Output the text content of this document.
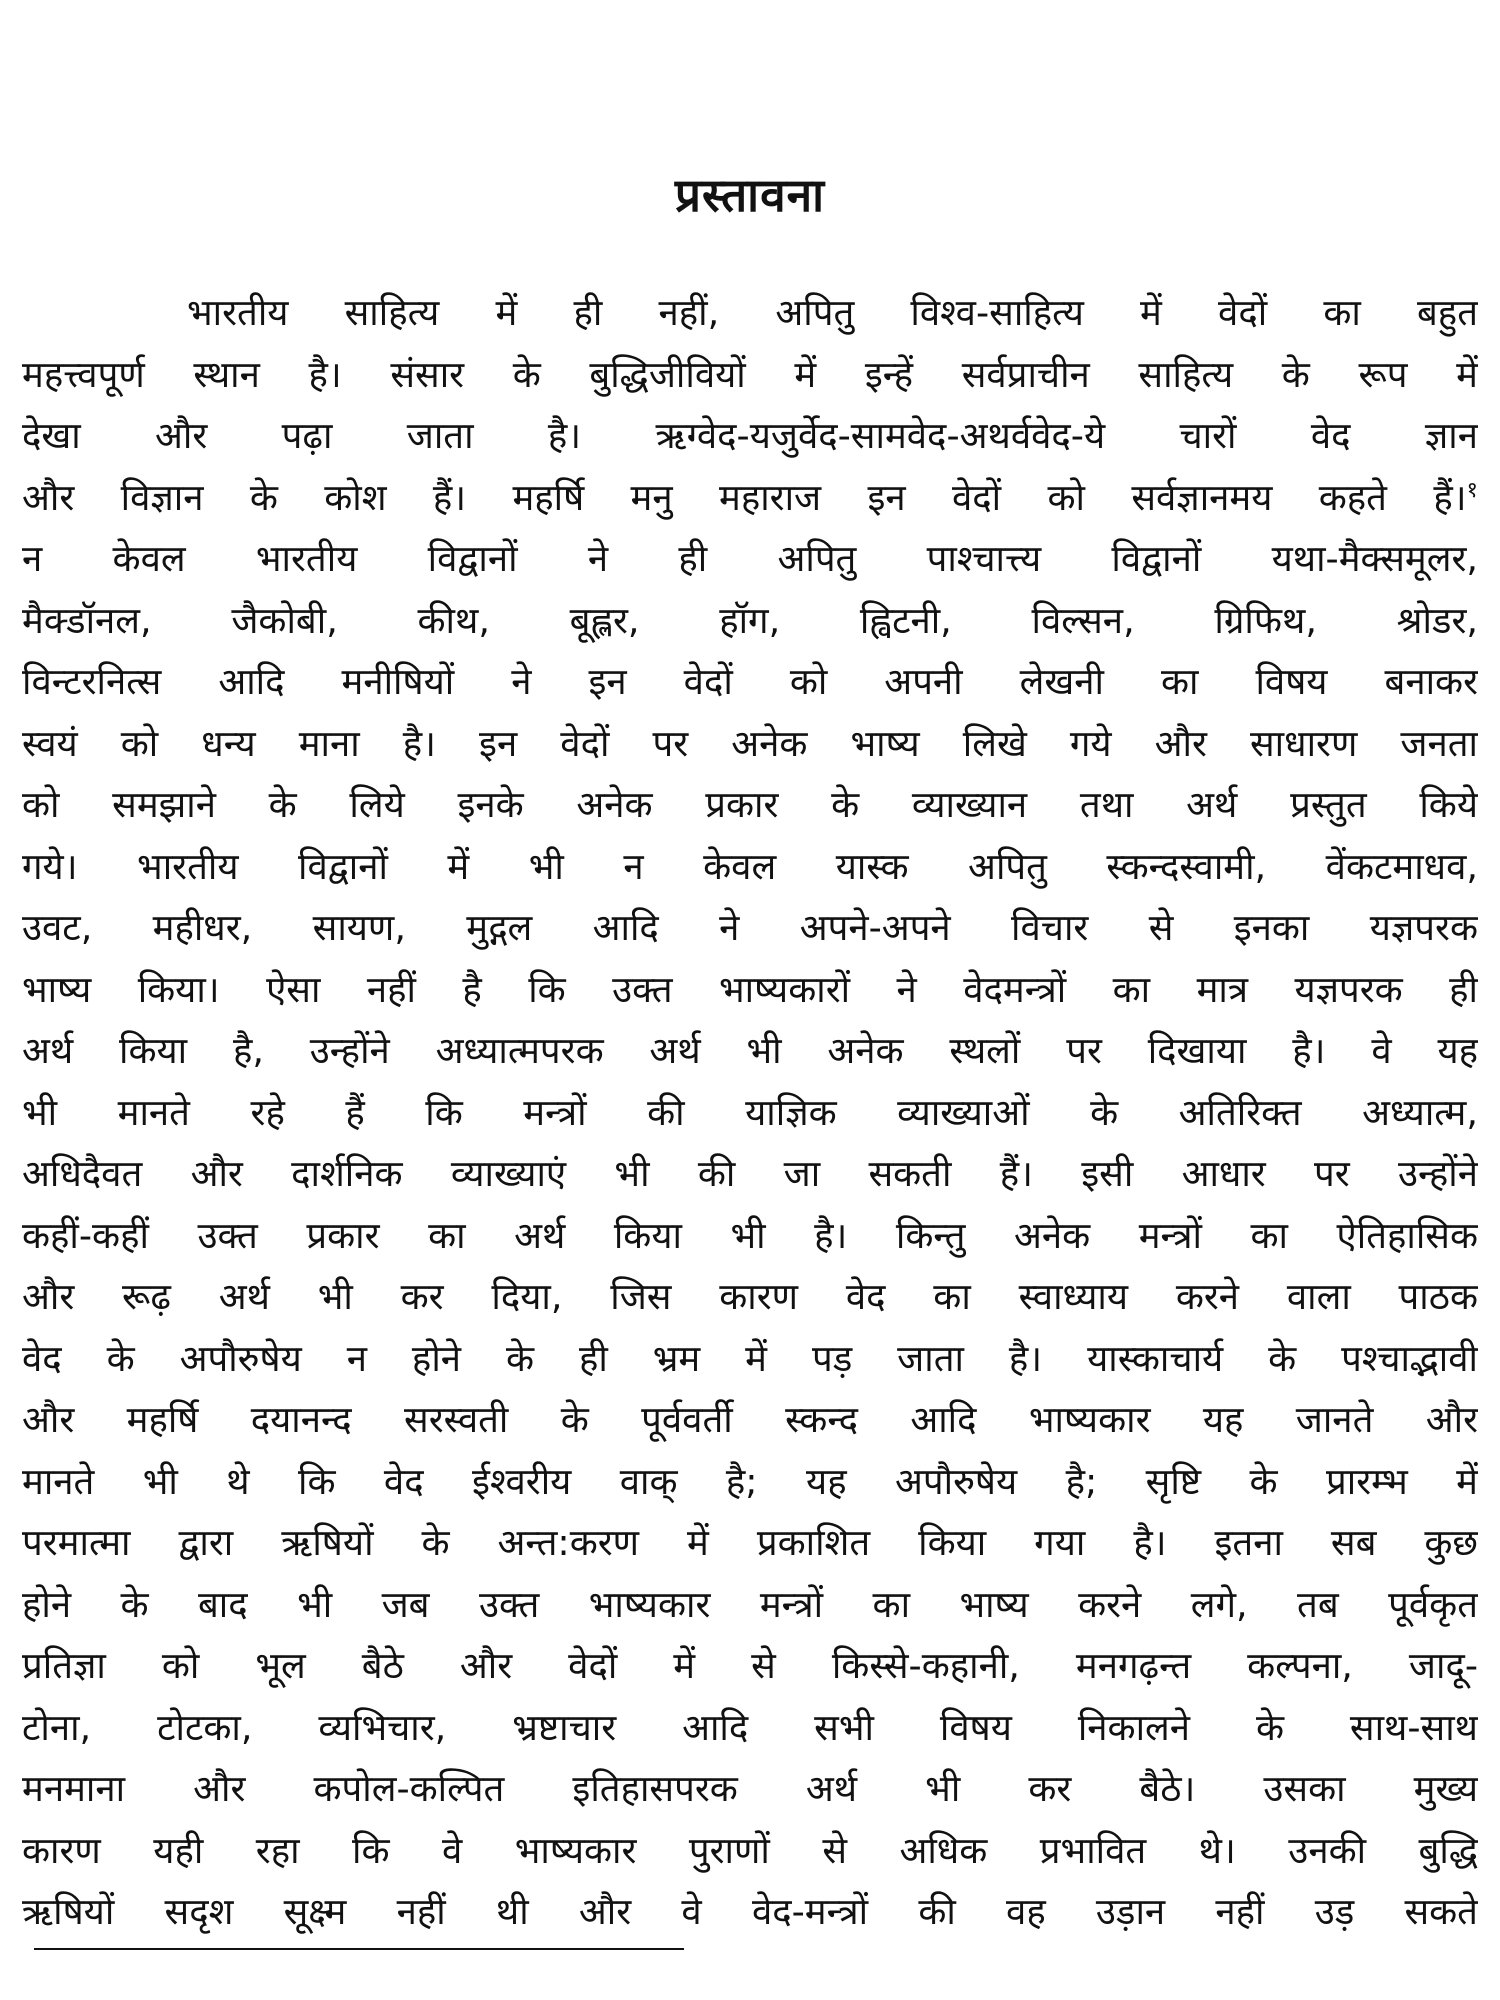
प्रस्तावना
भारतीय साहित्य में ही नहीं, अपितु विश्व-साहित्य में वेदों का बहुत
महत्त्वपूर्ण स्थान है। संसार के बुद्धिजीवियों में इन्हें सर्वप्राचीन साहित्य के रूप में
देखा और पढ़ा जाता है। ऋग्वेद-यजुर्वेद-सामवेद-अथर्ववेद-ये चारों वेद ज्ञान
और विज्ञान के कोश हैं। महर्षि मनु महाराज इन वेदों को सर्वज्ञानमय कहते हैं।$^१$
न केवल भारतीय विद्वानों ने ही अपितु पाश्चात्त्य विद्वानों यथा-मैक्समूलर,
मैक्डॉनल, जैकोबी, कीथ, बूह्लर, हॉग, ह्विटनी, विल्सन, ग्रिफिथ, श्रोडर,
विन्टरनित्स आदि मनीषियों ने इन वेदों को अपनी लेखनी का विषय बनाकर
स्वयं को धन्य माना है। इन वेदों पर अनेक भाष्य लिखे गये और साधारण जनता
को समझाने के लिये इनके अनेक प्रकार के व्याख्यान तथा अर्थ प्रस्तुत किये
गये। भारतीय विद्वानों में भी न केवल यास्क अपितु स्कन्दस्वामी, वेंकटमाधव,
उवट, महीधर, सायण, मुद्गल आदि ने अपने-अपने विचार से इनका यज्ञपरक
भाष्य किया। ऐसा नहीं है कि उक्त भाष्यकारों ने वेदमन्त्रों का मात्र यज्ञपरक ही
अर्थ किया है, उन्होंने अध्यात्मपरक अर्थ भी अनेक स्थलों पर दिखाया है। वे यह
भी मानते रहे हैं कि मन्त्रों की याज्ञिक व्याख्याओं के अतिरिक्त अध्यात्म,
अधिदैवत और दार्शनिक व्याख्याएं भी की जा सकती हैं। इसी आधार पर उन्होंने
कहीं-कहीं उक्त प्रकार का अर्थ किया भी है। किन्तु अनेक मन्त्रों का ऐतिहासिक
और रूढ़ अर्थ भी कर दिया, जिस कारण वेद का स्वाध्याय करने वाला पाठक
वेद के अपौरुषेय न होने के ही भ्रम में पड़ जाता है। यास्काचार्य के पश्चाद्भावी
और महर्षि दयानन्द सरस्वती के पूर्ववर्ती स्कन्द आदि भाष्यकार यह जानते और
मानते भी थे कि वेद ईश्वरीय वाक् है; यह अपौरुषेय है; सृष्टि के प्रारम्भ में
परमात्मा द्वारा ऋषियों के अन्त:करण में प्रकाशित किया गया है। इतना सब कुछ
होने के बाद भी जब उक्त भाष्यकार मन्त्रों का भाष्य करने लगे, तब पूर्वकृत
प्रतिज्ञा को भूल बैठे और वेदों में से किस्से-कहानी, मनगढ़न्त कल्पना, जादू-
टोना, टोटका, व्यभिचार, भ्रष्टाचार आदि सभी विषय निकालने के साथ-साथ
मनमाना और कपोल-कल्पित इतिहासपरक अर्थ भी कर बैठे। उसका मुख्य
कारण यही रहा कि वे भाष्यकार पुराणों से अधिक प्रभावित थे। उनकी बुद्धि
ऋषियों सदृश सूक्ष्म नहीं थी और वे वेद-मन्त्रों की वह उड़ान नहीं उड़ सकते
